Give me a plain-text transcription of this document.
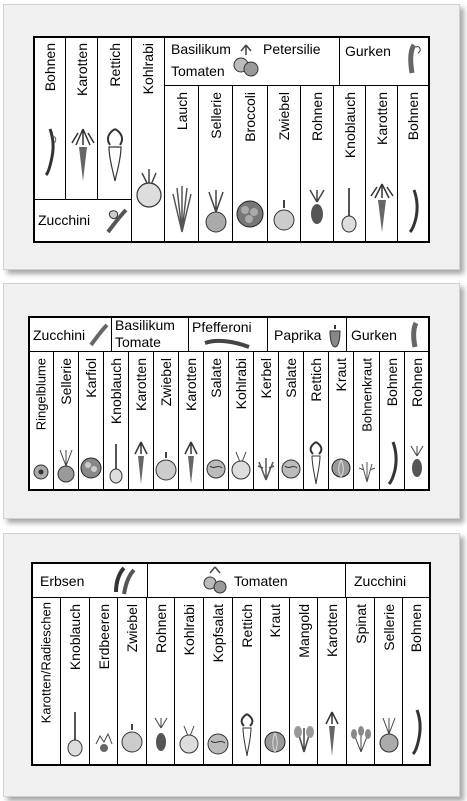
Bohnen Karotten Rettich Kohlrabi
Zucchini
Basilikum Petersilie
Tomaten
Gurken
Lauch Sellerie Broccoli Zwiebel Rohnen Knoblauch Karotten Bohnen
Zucchini
Basilikum
Tomate
Pfefferoni Paprika Gurken
Ringelblume Sellerie Karfiol Knoblauch Karotten Zwiebel Karotten Salate Kohlrabi Kerbel Salate Rettich Kraut Bohnenkraut Bohnen Rohnen
Erbsen	Tomaten	Zucchini
Karotten/Radieschen Knoblauch Erdbeeren Zwiebel Rohnen Kohlrabi Kopfsalat Rettich Kraut Mangold Karotten Spinat Sellerie Bohnen
